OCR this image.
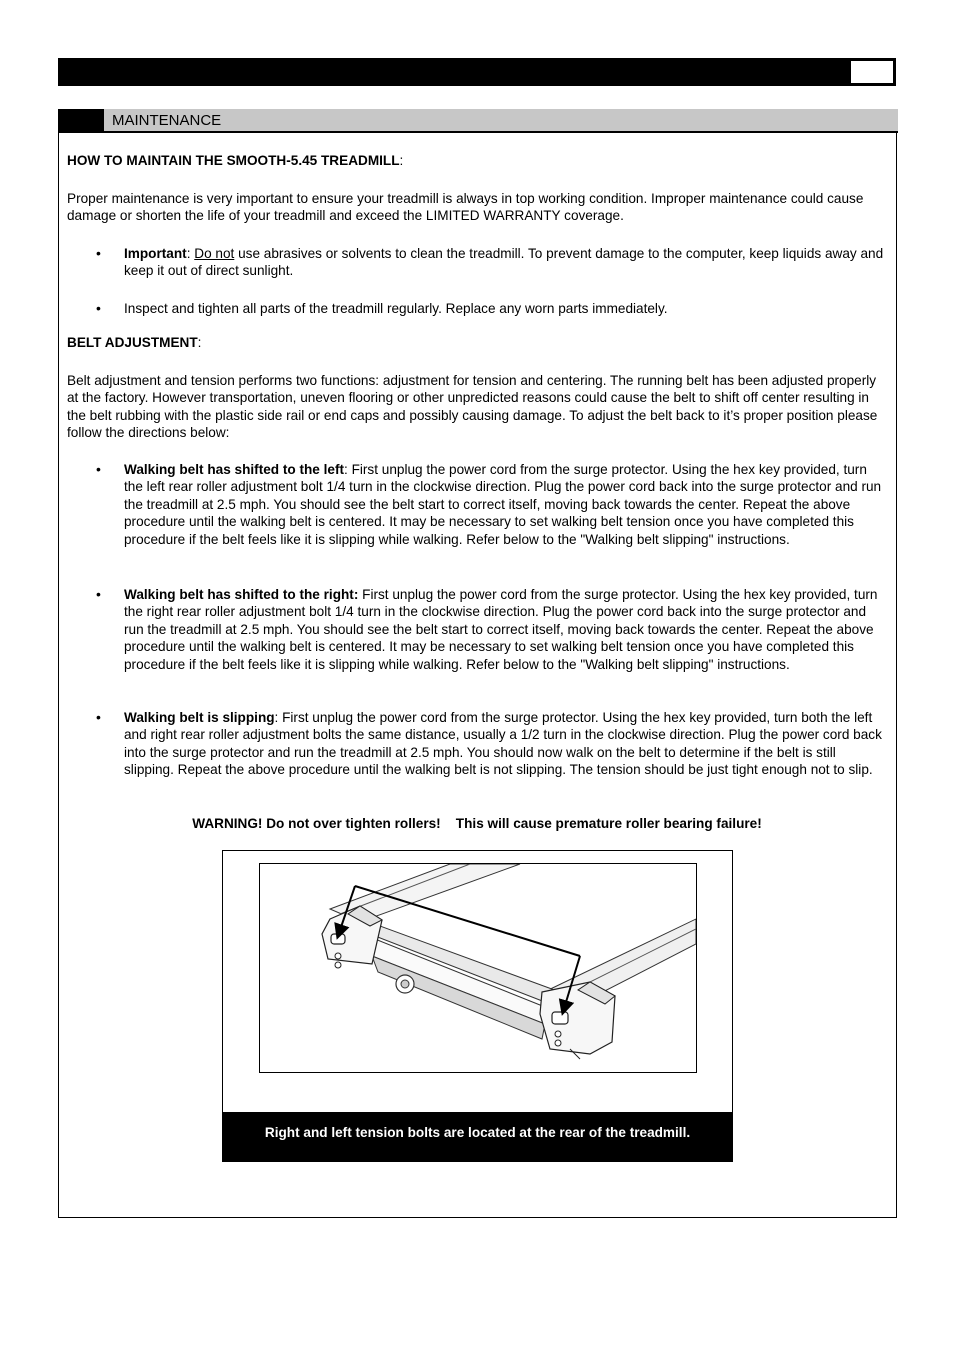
MAINTENANCE
HOW TO MAINTAIN THE SMOOTH-5.45 TREADMILL:
Proper maintenance is very important to ensure your treadmill is always in top working condition. Improper maintenance could cause damage or shorten the life of your treadmill and exceed the LIMITED WARRANTY coverage.
• Important: Do not use abrasives or solvents to clean the treadmill. To prevent damage to the computer, keep liquids away and keep it out of direct sunlight.
• Inspect and tighten all parts of the treadmill regularly. Replace any worn parts immediately.
BELT ADJUSTMENT:
Belt adjustment and tension performs two functions: adjustment for tension and centering. The running belt has been adjusted properly at the factory. However transportation, uneven flooring or other unpredicted reasons could cause the belt to shift off center resulting in the belt rubbing with the plastic side rail or end caps and possibly causing damage. To adjust the belt back to it’s proper position please follow the directions below:
• Walking belt has shifted to the left: First unplug the power cord from the surge protector. Using the hex key provided, turn the left rear roller adjustment bolt 1/4 turn in the clockwise direction. Plug the power cord back into the surge protector and run the treadmill at 2.5 mph. You should see the belt start to correct itself, moving back towards the center. Repeat the above procedure until the walking belt is centered. It may be necessary to set walking belt tension once you have completed this procedure if the belt feels like it is slipping while walking. Refer below to the "Walking belt slipping" instructions.
• Walking belt has shifted to the right: First unplug the power cord from the surge protector. Using the hex key provided, turn the right rear roller adjustment bolt 1/4 turn in the clockwise direction. Plug the power cord back into the surge protector and run the treadmill at 2.5 mph. You should see the belt start to correct itself, moving back towards the center. Repeat the above procedure until the walking belt is centered. It may be necessary to set walking belt tension once you have completed this procedure if the belt feels like it is slipping while walking. Refer below to the "Walking belt slipping" instructions.
• Walking belt is slipping: First unplug the power cord from the surge protector. Using the hex key provided, turn both the left and right rear roller adjustment bolts the same distance, usually a 1/2 turn in the clockwise direction. Plug the power cord back into the surge protector and run the treadmill at 2.5 mph. You should now walk on the belt to determine if the belt is still slipping. Repeat the above procedure until the walking belt is not slipping. The tension should be just tight enough not to slip.
WARNING! Do not over tighten rollers!    This will cause premature roller bearing failure!
Right and left tension bolts are located at the rear of the treadmill.
